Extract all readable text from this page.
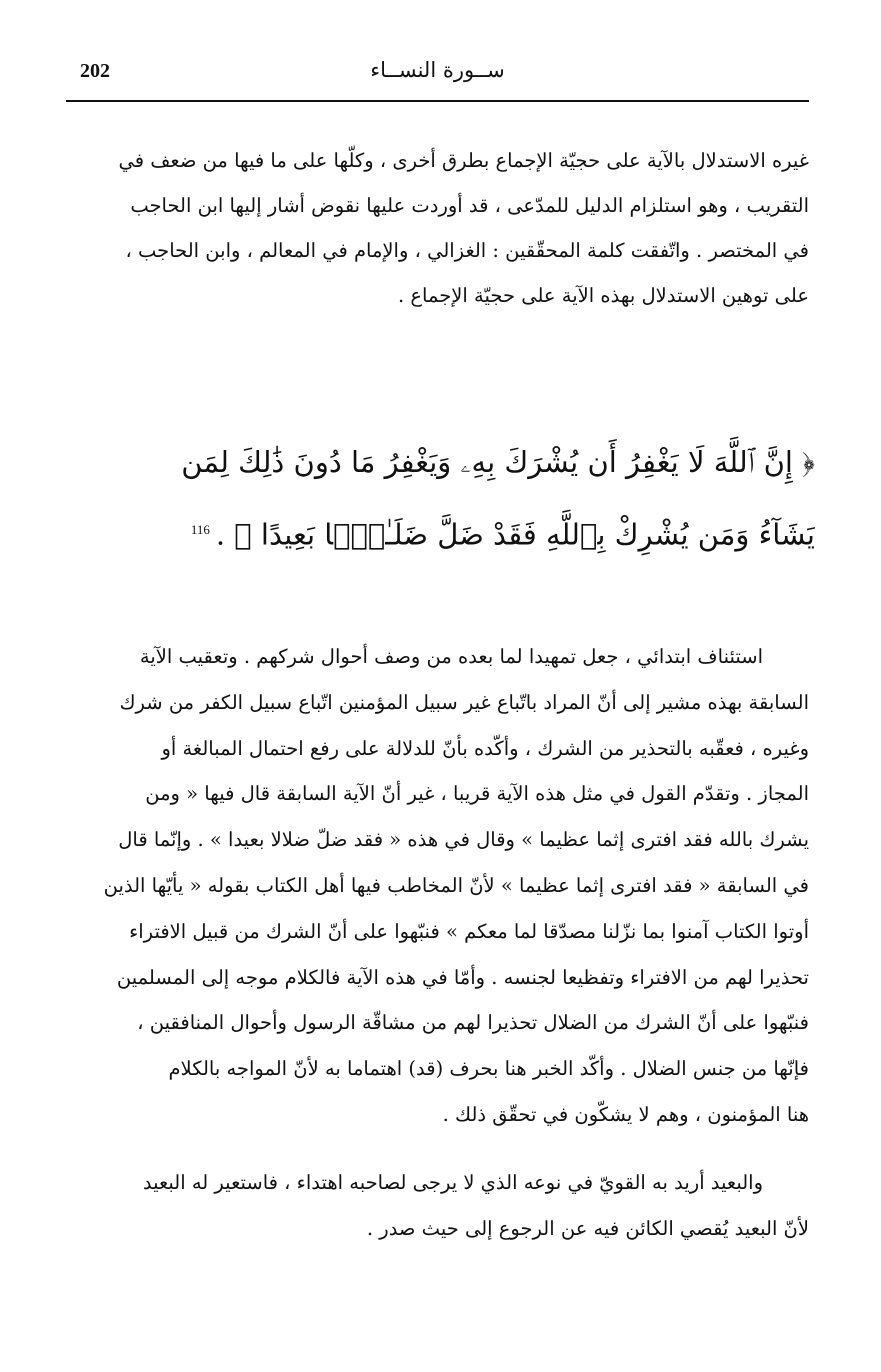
202	ســورة النســاء
غيره الاستدلال بالآية على حجيّة الإجماع بطرق أخرى ، وكلّها على ما فيها من ضعف في
التقريب ، وهو استلزام الدليل للمدّعى ، قد أوردت عليها نقوض أشار إليها ابن الحاجب
في المختصر . واتّفقت كلمة المحقّقين : الغزالي ، والإمام في المعالم ، وابن الحاجب ،
على توهين الاستدلال بهذه الآية على حجيّة الإجماع .
﴿ إِنَّ ٱللَّهَ لَا يَغْفِرُ أَن يُشْرَكَ بِهِۦ وَيَغْفِرُ مَا دُونَ ذَٰلِكَ لِمَن
يَشَآءُ وَمَن يُشْرِكْ بِٱللَّهِ فَقَدْ ضَلَّ ضَلَـٰلًۢا بَعِيدًا ﴾ .$^{116}$
استئناف ابتدائي ، جعل تمهيدا لما بعده من وصف أحوال شركهم . وتعقيب الآية
السابقة بهذه مشير إلى أنّ المراد باتّباع غير سبيل المؤمنين اتّباع سبيل الكفر من شرك
وغيره ، فعقّبه بالتحذير من الشرك ، وأكّده بأنّ للدلالة على رفع احتمال المبالغة أو
المجاز . وتقدّم القول في مثل هذه الآية قريبا ، غير أنّ الآية السابقة قال فيها « ومن
يشرك بالله فقد افترى إثما عظيما » وقال في هذه « فقد ضلّ ضلالا بعيدا » . وإنّما قال
في السابقة « فقد افترى إثما عظيما » لأنّ المخاطب فيها أهل الكتاب بقوله « يأيّها الذين
أوتوا الكتاب آمنوا بما نزّلنا مصدّقا لما معكم » فنبّهوا على أنّ الشرك من قبيل الافتراء
تحذيرا لهم من الافتراء وتفظيعا لجنسه . وأمّا في هذه الآية فالكلام موجه إلى المسلمين
فنبّهوا على أنّ الشرك من الضلال تحذيرا لهم من مشاقّة الرسول وأحوال المنافقين ،
فإنّها من جنس الضلال . وأكّد الخبر هنا بحرف (قد) اهتماما به لأنّ المواجه بالكلام
هنا المؤمنون ، وهم لا يشكّون في تحقّق ذلك .
والبعيد أريد به القويّ في نوعه الذي لا يرجى لصاحبه اهتداء ، فاستعير له البعيد
لأنّ البعيد يُقصي الكائن فيه عن الرجوع إلى حيث صدر .
